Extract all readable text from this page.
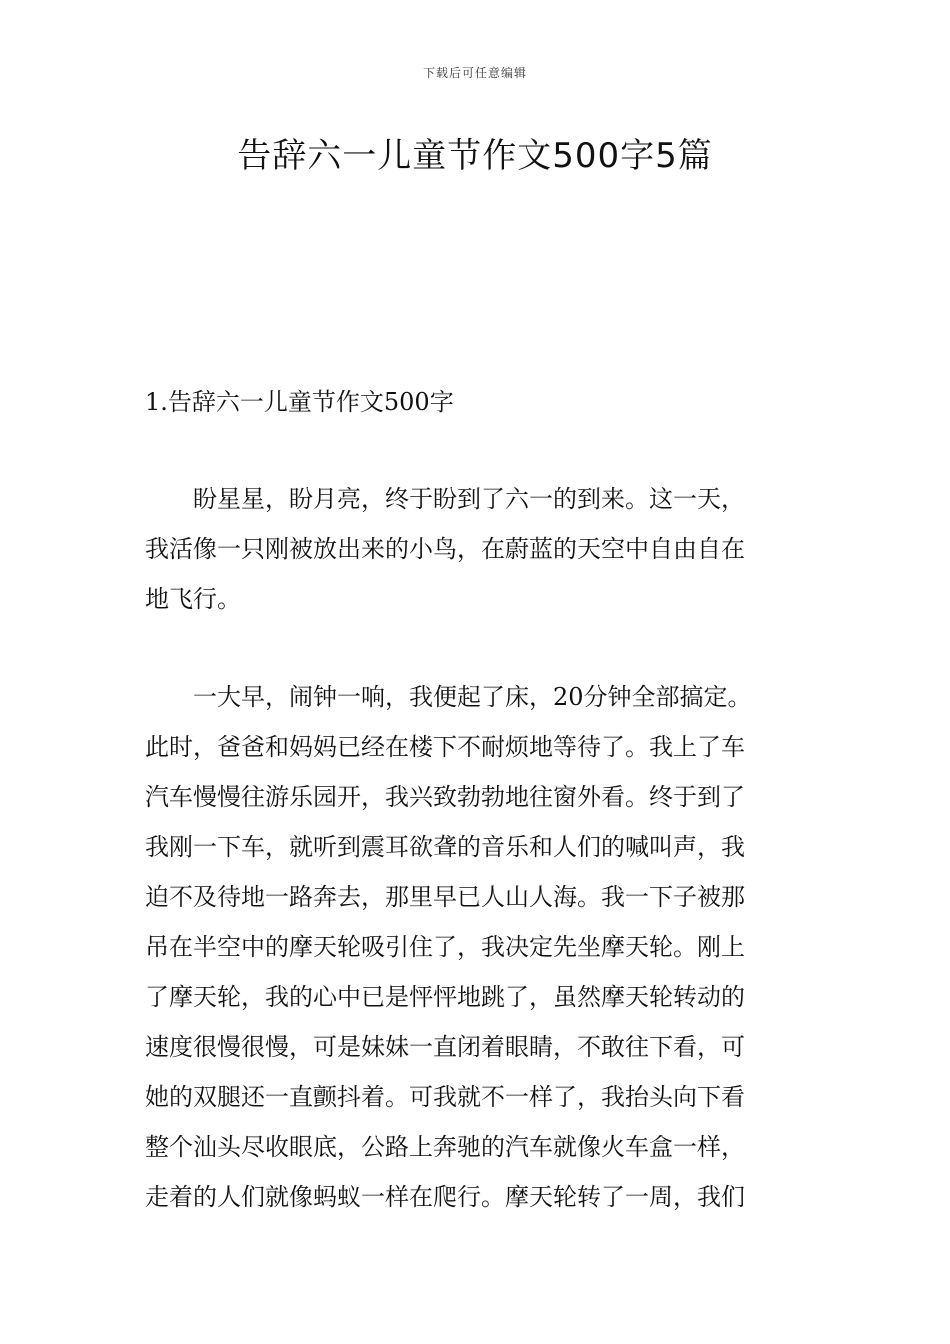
下载后可任意编辑
告辞六一儿童节作文500字5篇
1.告辞六一儿童节作文500字
　　盼星星，盼月亮，终于盼到了六一的到来。这一天，
我活像一只刚被放出来的小鸟，在蔚蓝的天空中自由自在
地飞行。
　　一大早，闹钟一响，我便起了床，20分钟全部搞定。
此时，爸爸和妈妈已经在楼下不耐烦地等待了。我上了车
汽车慢慢往游乐园开，我兴致勃勃地往窗外看。终于到了
我刚一下车，就听到震耳欲聋的音乐和人们的喊叫声，我
迫不及待地一路奔去，那里早已人山人海。我一下子被那
吊在半空中的摩天轮吸引住了，我决定先坐摩天轮。刚上
了摩天轮，我的心中已是怦怦地跳了，虽然摩天轮转动的
速度很慢很慢，可是妹妹一直闭着眼睛，不敢往下看，可
她的双腿还一直颤抖着。可我就不一样了，我抬头向下看
整个汕头尽收眼底，公路上奔驰的汽车就像火车盒一样，
走着的人们就像蚂蚁一样在爬行。摩天轮转了一周，我们
